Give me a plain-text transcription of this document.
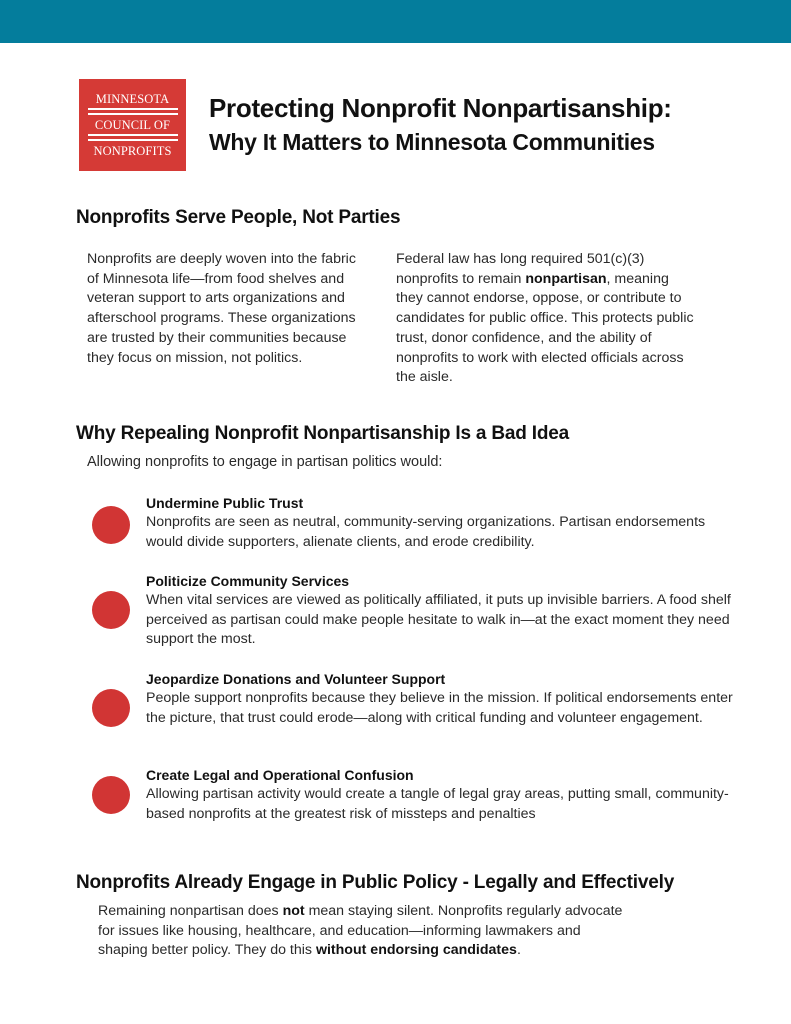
MINNESOTA
COUNCIL OF
NONPROFITS
Protecting Nonprofit Nonpartisanship:
Why It Matters to Minnesota Communities
Nonprofits Serve People, Not Parties
Nonprofits are deeply woven into the fabric of Minnesota life—from food shelves and veteran support to arts organizations and afterschool programs. These organizations are trusted by their communities because they focus on mission, not politics.
Federal law has long required 501(c)(3) nonprofits to remain nonpartisan, meaning they cannot endorse, oppose, or contribute to candidates for public office. This protects public trust, donor confidence, and the ability of nonprofits to work with elected officials across the aisle.
Why Repealing Nonprofit Nonpartisanship Is a Bad Idea
Allowing nonprofits to engage in partisan politics would:
Undermine Public Trust
Nonprofits are seen as neutral, community-serving organizations. Partisan endorsements would divide supporters, alienate clients, and erode credibility.
Politicize Community Services
When vital services are viewed as politically affiliated, it puts up invisible barriers. A food shelf perceived as partisan could make people hesitate to walk in—at the exact moment they need support the most.
Jeopardize Donations and Volunteer Support
People support nonprofits because they believe in the mission. If political endorsements enter the picture, that trust could erode—along with critical funding and volunteer engagement.
Create Legal and Operational Confusion
Allowing partisan activity would create a tangle of legal gray areas, putting small, community-based nonprofits at the greatest risk of missteps and penalties
Nonprofits Already Engage in Public Policy - Legally and Effectively
Remaining nonpartisan does not mean staying silent. Nonprofits regularly advocate for issues like housing, healthcare, and education—informing lawmakers and shaping better policy. They do this without endorsing candidates.
